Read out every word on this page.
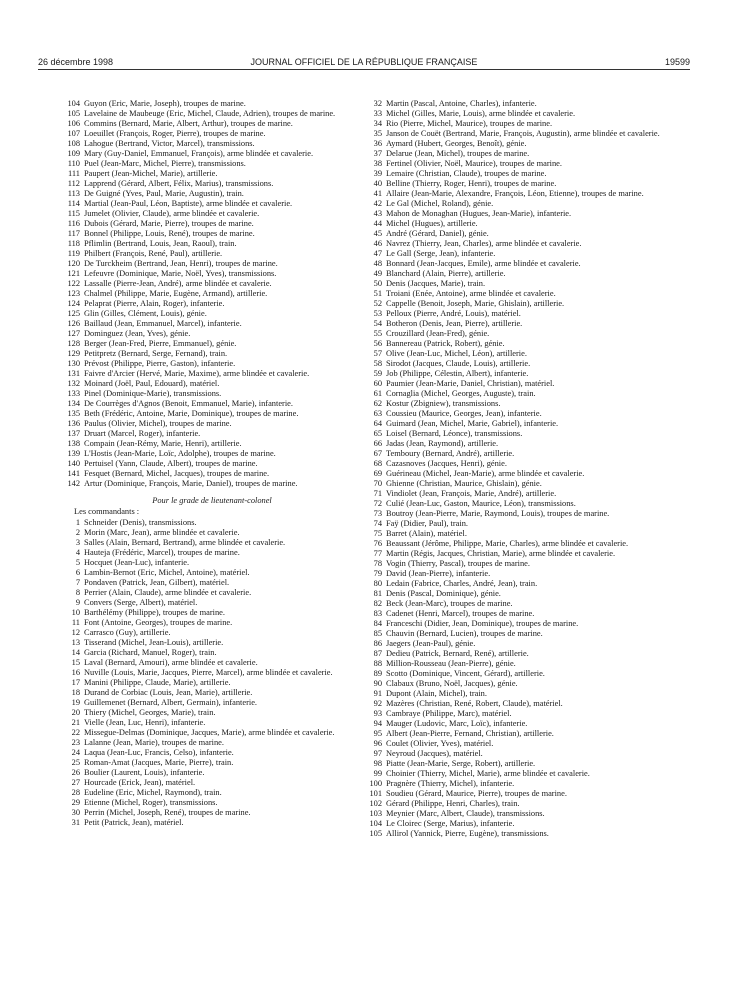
26 décembre 1998	JOURNAL OFFICIEL DE LA RÉPUBLIQUE FRANÇAISE	19599
104 Guyon (Eric, Marie, Joseph), troupes de marine.
105 Lavelaine de Maubeuge (Eric, Michel, Claude, Adrien), troupes de marine.
106 Commins (Bernard, Marie, Albert, Arthur), troupes de marine.
107 Loeuillet (François, Roger, Pierre), troupes de marine.
108 Lahogue (Bertrand, Victor, Marcel), transmissions.
109 Mary (Guy-Daniel, Emmanuel, François), arme blindée et cavalerie.
110 Puel (Jean-Marc, Michel, Pierre), transmissions.
111 Paupert (Jean-Michel, Marie), artillerie.
112 Lapprend (Gérard, Albert, Félix, Marius), transmissions.
113 De Guigné (Yves, Paul, Marie, Augustin), train.
114 Martial (Jean-Paul, Léon, Baptiste), arme blindée et cavalerie.
115 Jumelet (Olivier, Claude), arme blindée et cavalerie.
116 Dubois (Gérard, Marie, Pierre), troupes de marine.
117 Bonnel (Philippe, Louis, René), troupes de marine.
118 Pflimlin (Bertrand, Louis, Jean, Raoul), train.
119 Philbert (François, René, Paul), artillerie.
120 De Turckheim (Bertrand, Jean, Henri), troupes de marine.
121 Lefeuvre (Dominique, Marie, Noël, Yves), transmissions.
122 Lassalle (Pierre-Jean, André), arme blindée et cavalerie.
123 Chalmel (Philippe, Marie, Eugène, Armand), artillerie.
124 Pelaprat (Pierre, Alain, Roger), infanterie.
125 Glin (Gilles, Clément, Louis), génie.
126 Baillaud (Jean, Emmanuel, Marcel), infanterie.
127 Dominguez (Jean, Yves), génie.
128 Berger (Jean-Fred, Pierre, Emmanuel), génie.
129 Petitpretz (Bernard, Serge, Fernand), train.
130 Prévost (Philippe, Pierre, Gaston), infanterie.
131 Faivre d'Arcier (Hervé, Marie, Maxime), arme blindée et cavalerie.
132 Moinard (Joël, Paul, Edouard), matériel.
133 Pinel (Dominique-Marie), transmissions.
134 De Courrèges d'Agnos (Benoit, Emmanuel, Marie), infanterie.
135 Beth (Frédéric, Antoine, Marie, Dominique), troupes de marine.
136 Paulus (Olivier, Michel), troupes de marine.
137 Druart (Marcel, Roger), infanterie.
138 Compain (Jean-Rémy, Marie, Henri), artillerie.
139 L'Hostis (Jean-Marie, Loïc, Adolphe), troupes de marine.
140 Pertuisel (Yann, Claude, Albert), troupes de marine.
141 Fesquet (Bernard, Michel, Jacques), troupes de marine.
142 Artur (Dominique, François, Marie, Daniel), troupes de marine.
Pour le grade de lieutenant-colonel
Les commandants :
1 Schneider (Denis), transmissions.
2 Morin (Marc, Jean), arme blindée et cavalerie.
3 Salles (Alain, Bernard, Bertrand), arme blindée et cavalerie.
4 Hauteja (Frédéric, Marcel), troupes de marine.
5 Hocquet (Jean-Luc), infanterie.
6 Lambin-Bernot (Eric, Michel, Antoine), matériel.
7 Pondaven (Patrick, Jean, Gilbert), matériel.
8 Perrier (Alain, Claude), arme blindée et cavalerie.
9 Convers (Serge, Albert), matériel.
10 Barthélémy (Philippe), troupes de marine.
11 Font (Antoine, Georges), troupes de marine.
12 Carrasco (Guy), artillerie.
13 Tisserand (Michel, Jean-Louis), artillerie.
14 Garcia (Richard, Manuel, Roger), train.
15 Laval (Bernard, Amouri), arme blindée et cavalerie.
16 Nuville (Louis, Marie, Jacques, Pierre, Marcel), arme blindée et cavalerie.
17 Manini (Philippe, Claude, Marie), artillerie.
18 Durand de Corbiac (Louis, Jean, Marie), artillerie.
19 Guillemenet (Bernard, Albert, Germain), infanterie.
20 Thiery (Michel, Georges, Marie), train.
21 Vielle (Jean, Luc, Henri), infanterie.
22 Missegue-Delmas (Dominique, Jacques, Marie), arme blindée et cavalerie.
23 Lalanne (Jean, Marie), troupes de marine.
24 Laqua (Jean-Luc, Francis, Celso), infanterie.
25 Roman-Amat (Jacques, Marie, Pierre), train.
26 Boulier (Laurent, Louis), infanterie.
27 Hourcade (Erick, Jean), matériel.
28 Eudeline (Eric, Michel, Raymond), train.
29 Etienne (Michel, Roger), transmissions.
30 Perrin (Michel, Joseph, René), troupes de marine.
31 Petit (Patrick, Jean), matériel.
32 Martin (Pascal, Antoine, Charles), infanterie.
33 Michel (Gilles, Marie, Louis), arme blindée et cavalerie.
34 Rio (Pierre, Michel, Maurice), troupes de marine.
35 Janson de Couët (Bertrand, Marie, François, Augustin), arme blindée et cavalerie.
36 Aymard (Hubert, Georges, Benoît), génie.
37 Delarue (Jean, Michel), troupes de marine.
38 Fertinel (Olivier, Noël, Maurice), troupes de marine.
39 Lemaire (Christian, Claude), troupes de marine.
40 Belline (Thierry, Roger, Henri), troupes de marine.
41 Allaire (Jean-Marie, Alexandre, François, Léon, Etienne), troupes de marine.
42 Le Gal (Michel, Roland), génie.
43 Mahon de Monaghan (Hugues, Jean-Marie), infanterie.
44 Michel (Hugues), artillerie.
45 André (Gérard, Daniel), génie.
46 Navrez (Thierry, Jean, Charles), arme blindée et cavalerie.
47 Le Gall (Serge, Jean), infanterie.
48 Bonnard (Jean-Jacques, Emile), arme blindée et cavalerie.
49 Blanchard (Alain, Pierre), artillerie.
50 Denis (Jacques, Marie), train.
51 Troiani (Enée, Antoine), arme blindée et cavalerie.
52 Cappelle (Benoit, Joseph, Marie, Ghislain), artillerie.
53 Pelloux (Pierre, André, Louis), matériel.
54 Botheron (Denis, Jean, Pierre), artillerie.
55 Crouzillard (Jean-Fred), génie.
56 Bannereau (Patrick, Robert), génie.
57 Olive (Jean-Luc, Michel, Léon), artillerie.
58 Sirodot (Jacques, Claude, Louis), artillerie.
59 Job (Philippe, Célestin, Albert), infanterie.
60 Paumier (Jean-Marie, Daniel, Christian), matériel.
61 Cornaglia (Michel, Georges, Auguste), train.
62 Kostur (Zbigniew), transmissions.
63 Coussieu (Maurice, Georges, Jean), infanterie.
64 Guimard (Jean, Michel, Marie, Gabriel), infanterie.
65 Loisel (Bernard, Léonce), transmissions.
66 Jadas (Jean, Raymond), artillerie.
67 Temboury (Bernard, André), artillerie.
68 Cazasnoves (Jacques, Henri), génie.
69 Guérineau (Michel, Jean-Marie), arme blindée et cavalerie.
70 Ghienne (Christian, Maurice, Ghislain), génie.
71 Vindiolet (Jean, François, Marie, André), artillerie.
72 Culié (Jean-Luc, Gaston, Maurice, Léon), transmissions.
73 Boutroy (Jean-Pierre, Marie, Raymond, Louis), troupes de marine.
74 Faÿ (Didier, Paul), train.
75 Barret (Alain), matériel.
76 Beaussant (Jérôme, Philippe, Marie, Charles), arme blindée et cavalerie.
77 Martin (Régis, Jacques, Christian, Marie), arme blindée et cavalerie.
78 Vogin (Thierry, Pascal), troupes de marine.
79 David (Jean-Pierre), infanterie.
80 Ledain (Fabrice, Charles, André, Jean), train.
81 Denis (Pascal, Dominique), génie.
82 Beck (Jean-Marc), troupes de marine.
83 Cadenet (Henri, Marcel), troupes de marine.
84 Franceschi (Didier, Jean, Dominique), troupes de marine.
85 Chauvin (Bernard, Lucien), troupes de marine.
86 Jaegers (Jean-Paul), génie.
87 Dedieu (Patrick, Bernard, René), artillerie.
88 Million-Rousseau (Jean-Pierre), génie.
89 Scotto (Dominique, Vincent, Gérard), artillerie.
90 Clabaux (Bruno, Noël, Jacques), génie.
91 Dupont (Alain, Michel), train.
92 Mazères (Christian, René, Robert, Claude), matériel.
93 Cambraye (Philippe, Marc), matériel.
94 Mauger (Ludovic, Marc, Loïc), infanterie.
95 Albert (Jean-Pierre, Fernand, Christian), artillerie.
96 Coulet (Olivier, Yves), matériel.
97 Neyroud (Jacques), matériel.
98 Piatte (Jean-Marie, Serge, Robert), artillerie.
99 Choinier (Thierry, Michel, Marie), arme blindée et cavalerie.
100 Pragnère (Thierry, Michel), infanterie.
101 Soudieu (Gérard, Maurice, Pierre), troupes de marine.
102 Gérard (Philippe, Henri, Charles), train.
103 Meynier (Marc, Albert, Claude), transmissions.
104 Le Cloirec (Serge, Marius), infanterie.
105 Allirol (Yannick, Pierre, Eugène), transmissions.
